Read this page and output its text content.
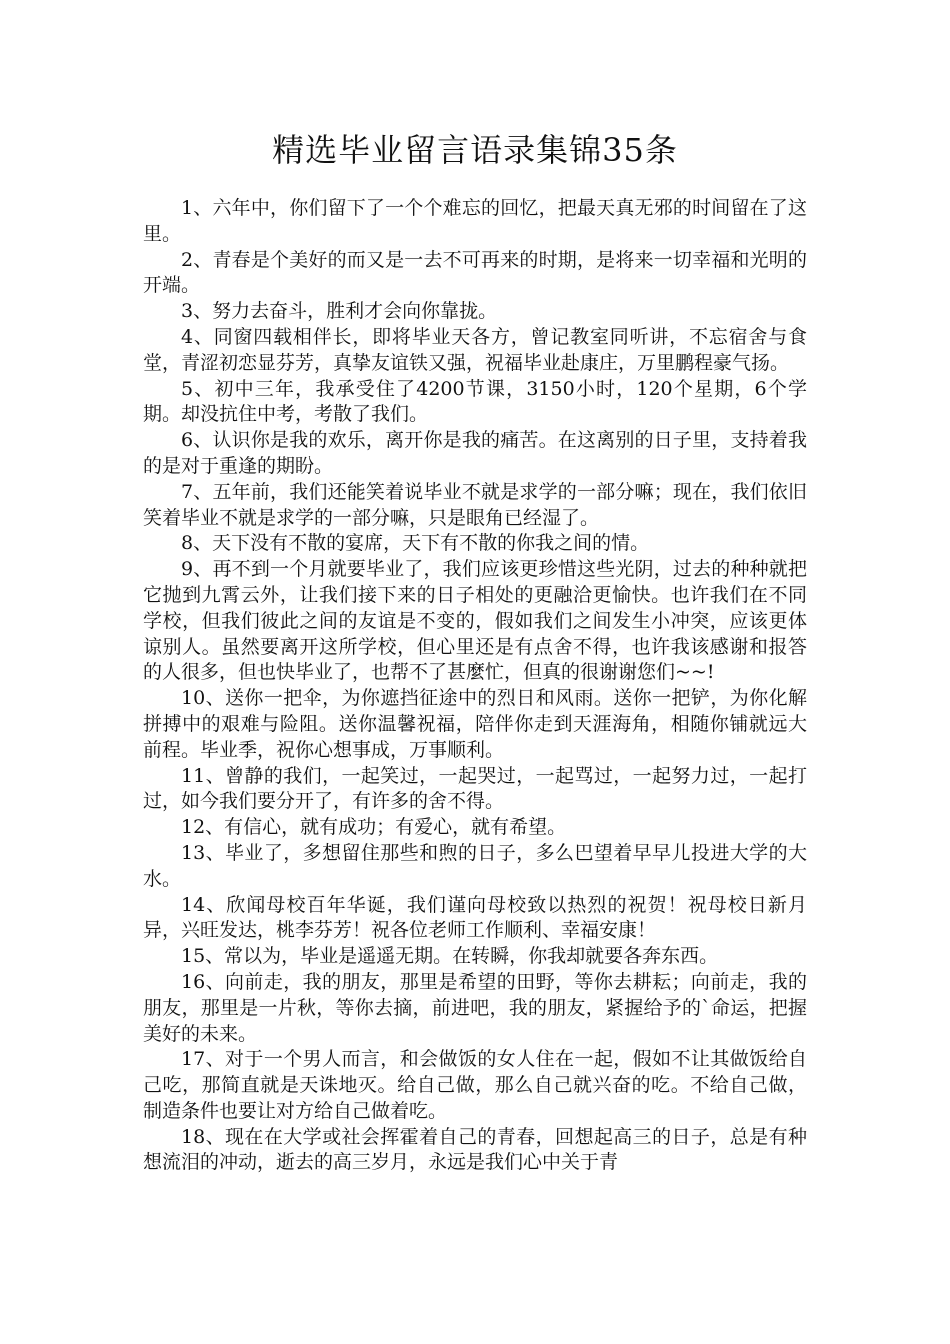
精选毕业留言语录集锦35条

1、六年中，你们留下了一个个难忘的回忆，把最天真无邪的时间留在了这里。

2、青春是个美好的而又是一去不可再来的时期，是将来一切幸福和光明的开端。

3、努力去奋斗，胜利才会向你靠拢。

4、同窗四载相伴长，即将毕业天各方，曾记教室同听讲，不忘宿舍与食堂，青涩初恋显芬芳，真挚友谊铁又强，祝福毕业赴康庄，万里鹏程豪气扬。

5、初中三年，我承受住了4200节课，3150小时，120个星期，6个学期。却没抗住中考，考散了我们。

6、认识你是我的欢乐，离开你是我的痛苦。在这离别的日子里，支持着我的是对于重逢的期盼。

7、五年前，我们还能笑着说毕业不就是求学的一部分嘛；现在，我们依旧笑着毕业不就是求学的一部分嘛，只是眼角已经湿了。

8、天下没有不散的宴席，天下有不散的你我之间的情。

9、再不到一个月就要毕业了，我们应该更珍惜这些光阴，过去的种种就把它抛到九霄云外，让我们接下来的日子相处的更融洽更愉快。也许我们在不同学校，但我们彼此之间的友谊是不变的，假如我们之间发生小冲突，应该更体谅别人。虽然要离开这所学校，但心里还是有点舍不得，也许我该感谢和报答的人很多，但也快毕业了，也帮不了甚麼忙，但真的很谢谢您们~~!

10、送你一把伞，为你遮挡征途中的烈日和风雨。送你一把铲，为你化解拼搏中的艰难与险阻。送你温馨祝福，陪伴你走到天涯海角，相随你铺就远大前程。毕业季，祝你心想事成，万事顺利。

11、曾静的我们，一起笑过，一起哭过，一起骂过，一起努力过，一起打过，如今我们要分开了，有许多的舍不得。

12、有信心，就有成功；有爱心，就有希望。

13、毕业了，多想留住那些和煦的日子，多么巴望着早早儿投进大学的大水。

14、欣闻母校百年华诞，我们谨向母校致以热烈的祝贺！祝母校日新月异，兴旺发达，桃李芬芳！祝各位老师工作顺利、幸福安康！

15、常以为，毕业是遥遥无期。在转瞬，你我却就要各奔东西。

16、向前走，我的朋友，那里是希望的田野，等你去耕耘；向前走，我的朋友，那里是一片秋，等你去摘，前进吧，我的朋友，紧握给予的`命运，把握美好的未来。

17、对于一个男人而言，和会做饭的女人住在一起，假如不让其做饭给自己吃，那简直就是天诛地灭。给自己做，那么自己就兴奋的吃。不给自己做，制造条件也要让对方给自己做着吃。

18、现在在大学或社会挥霍着自己的青春，回想起高三的日子，总是有种想流泪的冲动，逝去的高三岁月，永远是我们心中关于青
